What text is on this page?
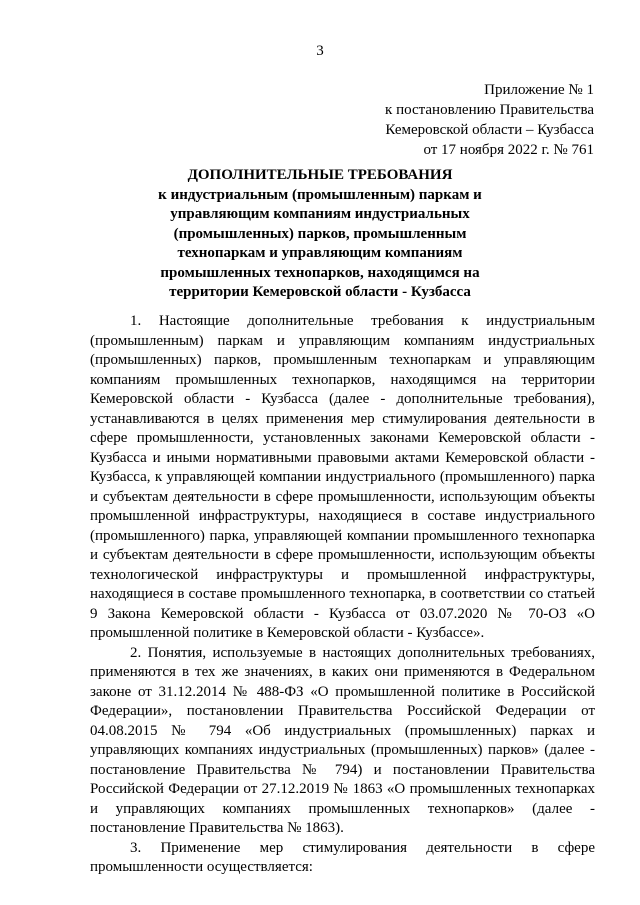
3
Приложение № 1
к постановлению Правительства
Кемеровской области – Кузбасса
от 17 ноября 2022 г. № 761
ДОПОЛНИТЕЛЬНЫЕ ТРЕБОВАНИЯ
к индустриальным (промышленным) паркам и
управляющим компаниям индустриальных
(промышленных) парков, промышленным
технопаркам и управляющим компаниям
промышленных технопарков, находящимся на
территории Кемеровской области - Кузбасса

1. Настоящие дополнительные требования к индустриальным (промышленным) паркам и управляющим компаниям индустриальных (промышленных) парков, промышленным технопаркам и управляющим компаниям промышленных технопарков, находящимся на территории Кемеровской области - Кузбасса (далее - дополнительные требования), устанавливаются в целях применения мер стимулирования деятельности в сфере промышленности, установленных законами Кемеровской области - Кузбасса и иными нормативными правовыми актами Кемеровской области - Кузбасса, к управляющей компании индустриального (промышленного) парка и субъектам деятельности в сфере промышленности, использующим объекты промышленной инфраструктуры, находящиеся в составе индустриального (промышленного) парка, управляющей компании промышленного технопарка и субъектам деятельности в сфере промышленности, использующим объекты технологической инфраструктуры и промышленной инфраструктуры, находящиеся в составе промышленного технопарка, в соответствии со статьей 9 Закона Кемеровской области - Кузбасса от 03.07.2020 № 70-ОЗ «О промышленной политике в Кемеровской области - Кузбассе».

2. Понятия, используемые в настоящих дополнительных требованиях, применяются в тех же значениях, в каких они применяются в Федеральном законе от 31.12.2014 № 488-ФЗ «О промышленной политике в Российской Федерации», постановлении Правительства Российской Федерации от 04.08.2015 № 794 «Об индустриальных (промышленных) парках и управляющих компаниях индустриальных (промышленных) парков» (далее - постановление Правительства № 794) и постановлении Правительства Российской Федерации от 27.12.2019 № 1863 «О промышленных технопарках и управляющих компаниях промышленных технопарков» (далее - постановление Правительства № 1863).

3. Применение мер стимулирования деятельности в сфере промышленности осуществляется:
